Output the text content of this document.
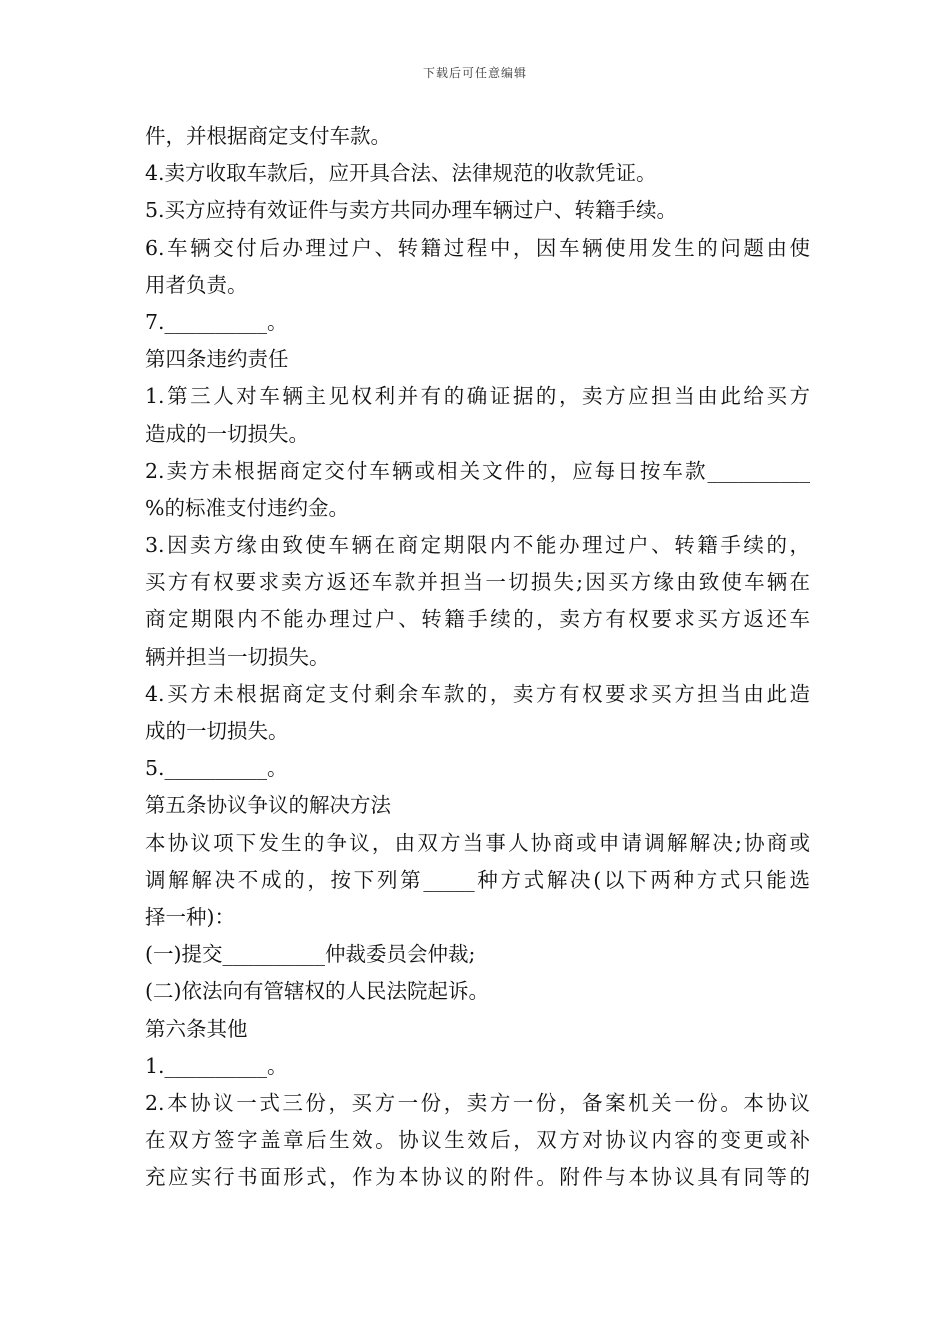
下载后可任意编辑
件，并根据商定支付车款。
4.卖方收取车款后，应开具合法、法律规范的收款凭证。
5.买方应持有效证件与卖方共同办理车辆过户、转籍手续。
6.车辆交付后办理过户、转籍过程中，因车辆使用发生的问题由使
用者负责。
7.__________。
第四条违约责任
1.第三人对车辆主见权利并有的确证据的，卖方应担当由此给买方
造成的一切损失。
2.卖方未根据商定交付车辆或相关文件的，应每日按车款__________
%的标准支付违约金。
3.因卖方缘由致使车辆在商定期限内不能办理过户、转籍手续的，
买方有权要求卖方返还车款并担当一切损失;因买方缘由致使车辆在
商定期限内不能办理过户、转籍手续的，卖方有权要求买方返还车
辆并担当一切损失。
4.买方未根据商定支付剩余车款的，卖方有权要求买方担当由此造
成的一切损失。
5.__________。
第五条协议争议的解决方法
本协议项下发生的争议，由双方当事人协商或申请调解解决;协商或
调解解决不成的，按下列第_____种方式解决(以下两种方式只能选
择一种)：
(一)提交__________仲裁委员会仲裁;
(二)依法向有管辖权的人民法院起诉。
第六条其他
1.__________。
2.本协议一式三份，买方一份，卖方一份，备案机关一份。本协议
在双方签字盖章后生效。协议生效后，双方对协议内容的变更或补
充应实行书面形式，作为本协议的附件。附件与本协议具有同等的
